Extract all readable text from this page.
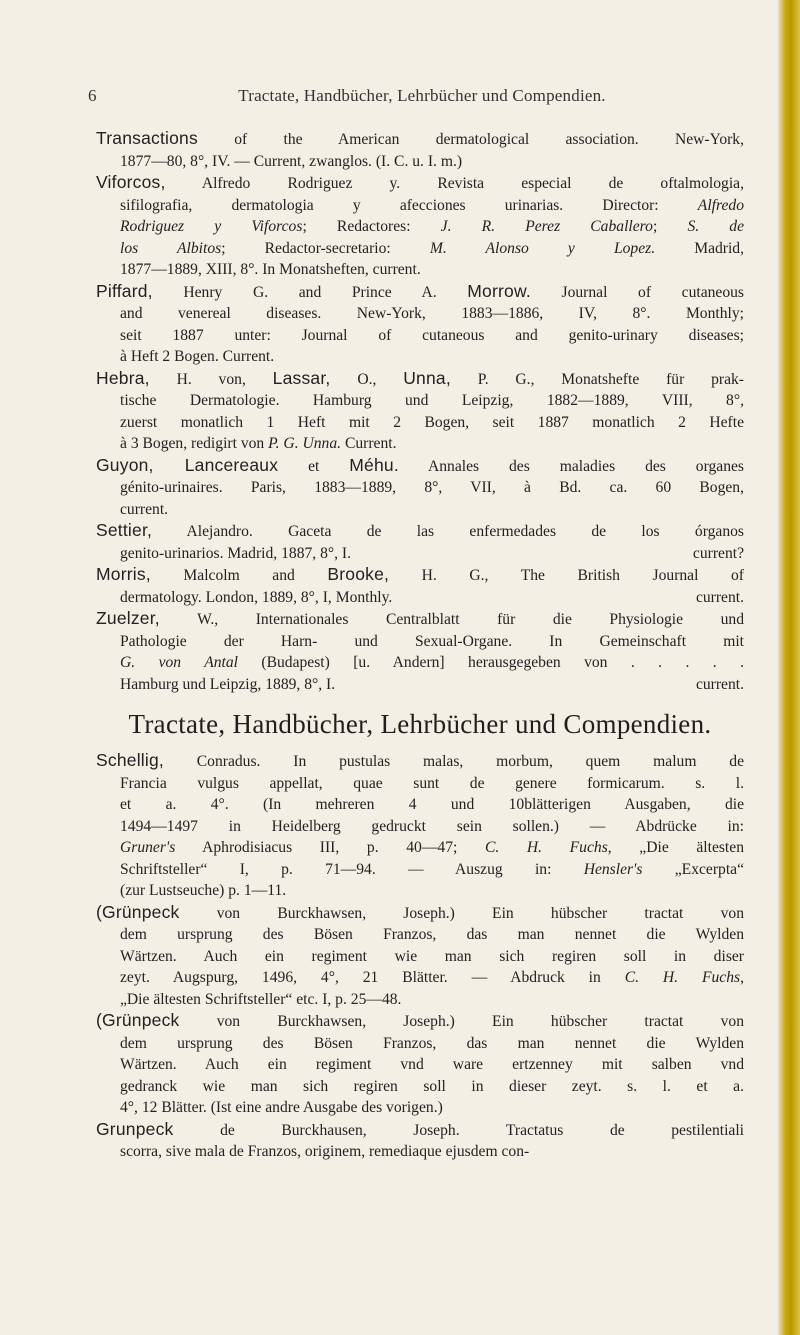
6	Tractate, Handbücher, Lehrbücher und Compendien.

Transactions of the American dermatological association. New-York,
1877—80, 8°, IV. — Current, zwanglos. (I. C. u. I. m.)

Viforcos, Alfredo Rodriguez y. Revista especial de oftalmologia,
sifilografia, dermatologia y afecciones urinarias. Director: Alfredo
Rodriguez y Viforcos; Redactores: J. R. Perez Caballero; S. de
los Albitos; Redactor-secretario: M. Alonso y Lopez. Madrid,
1877—1889, XIII, 8°. In Monatsheften, current.

Piffard, Henry G. and Prince A. Morrow. Journal of cutaneous
and venereal diseases. New-York, 1883—1886, IV, 8°. Monthly;
seit 1887 unter: Journal of cutaneous and genito-urinary diseases;
à Heft 2 Bogen. Current.

Hebra, H. von, Lassar, O., Unna, P. G., Monatshefte für prak-
tische Dermatologie. Hamburg und Leipzig, 1882—1889, VIII, 8°,
zuerst monatlich 1 Heft mit 2 Bogen, seit 1887 monatlich 2 Hefte
à 3 Bogen, redigirt von P. G. Unna. Current.

Guyon, Lancereaux et Méhu. Annales des maladies des organes
génito-urinaires. Paris, 1883—1889, 8°, VII, à Bd. ca. 60 Bogen,
current.

Settier, Alejandro. Gaceta de las enfermedades de los órganos
genito-urinarios. Madrid, 1887, 8°, I.	current?

Morris, Malcolm and Brooke, H. G., The British Journal of
dermatology. London, 1889, 8°, I, Monthly.	current.

Zuelzer, W., Internationales Centralblatt für die Physiologie und
Pathologie der Harn- und Sexual-Organe. In Gemeinschaft mit
G. von Antal (Budapest) [u. Andern] herausgegeben von . . . . .
Hamburg und Leipzig, 1889, 8°, I.	current.

Tractate, Handbücher, Lehrbücher und Compendien.

Schellig, Conradus. In pustulas malas, morbum, quem malum de
Francia vulgus appellat, quae sunt de genere formicarum. s. l.
et a. 4°. (In mehreren 4 und 10blätterigen Ausgaben, die
1494—1497 in Heidelberg gedruckt sein sollen.) — Abdrücke in:
Gruner's Aphrodisiacus III, p. 40—47; C. H. Fuchs, „Die ältesten
Schriftsteller“ I, p. 71—94. — Auszug in: Hensler's „Excerpta“
(zur Lustseuche) p. 1—11.

(Grünpeck von Burckhawsen, Joseph.) Ein hübscher tractat von
dem ursprung des Bösen Franzos, das man nennet die Wylden
Wärtzen. Auch ein regiment wie man sich regiren soll in diser
zeyt. Augspurg, 1496, 4°, 21 Blätter. — Abdruck in C. H. Fuchs,
„Die ältesten Schriftsteller“ etc. I, p. 25—48.

(Grünpeck von Burckhawsen, Joseph.) Ein hübscher tractat von
dem ursprung des Bösen Franzos, das man nennet die Wylden
Wärtzen. Auch ein regiment vnd ware ertzenney mit salben vnd
gedranck wie man sich regiren soll in dieser zeyt. s. l. et a.
4°, 12 Blätter. (Ist eine andre Ausgabe des vorigen.)

Grunpeck de Burckhausen, Joseph. Tractatus de pestilentiali
scorra, sive mala de Franzos, originem, remediaque ejusdem con-
